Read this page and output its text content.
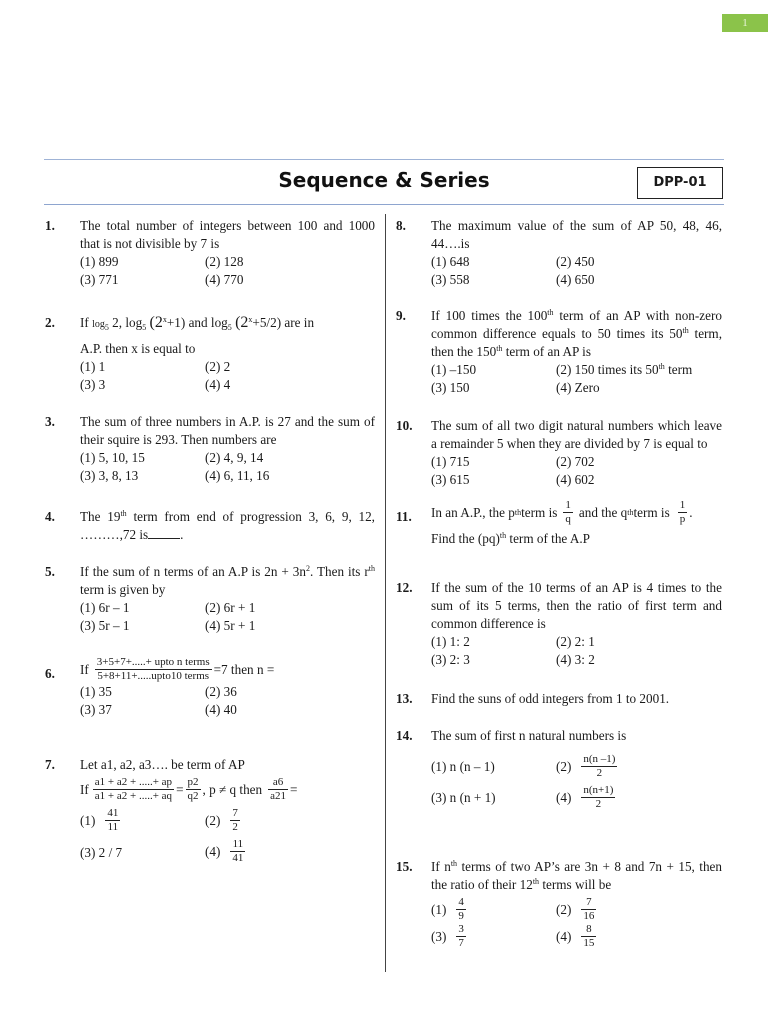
1
Sequence & Series	DPP-01
1. The total number of integers between 100 and 1000 that is not divisible by 7 is
(1) 899	(2) 128
(3) 771	(4) 770
2. If $\log_5 2$, $\log_5 (2^x+1)$ and $\log_5 (2^x+5/2)$ are in
A.P. then x is equal to
(1) 1	(2) 2
(3) 3	(4) 4
3. The sum of three numbers in A.P. is 27 and the sum of their squire is 293. Then numbers are
(1) 5, 10, 15	(2) 4, 9, 14
(3) 3, 8, 13	(4) 6, 11, 16
4. The 19th term from end of progression 3, 6, 9, 12, ………,72 is .
5. If the sum of n terms of an A.P is $2n + 3n^2$. Then its $r^{th}$ term is given by
(1) 6r – 1	(2) 6r + 1
(3) 5r – 1	(4) 5r + 1
6. If $\frac{\text{3+5+7+.....+ upto n terms}}{\text{5+8+11+.....upto10 terms}} =7$ then n =
(1) 35	(2) 36
(3) 37	(4) 40
7. Let a1, a2, a3…. be term of AP
If $\frac{a1 + a2 + .....+ ap}{a1 + a2 + .....+ aq} = \frac{p2}{q2}$ , p ≠ q then $\frac{a6}{a21}$ =
$(1) \frac{41}{11}$	$(2) \frac{7}{2}$
(3) 2 / 7	$(4) \frac{11}{41}$
8. The maximum value of the sum of AP 50, 48, 46, 44….is
(1) 648	(2) 450
(3) 558	(4) 650
9. If 100 times the 100th term of an AP with non-zero common difference equals to 50 times its 50th term, then the 150th term of an AP is
(1) –150	(2) 150 times its 50th term
(3) 150	(4) Zero
10. The sum of all two digit natural numbers which leave a remainder 5 when they are divided by 7 is equal to
(1) 715	(2) 702
(3) 615	(4) 602
11. In an A.P., the p th term is $\frac{1}{q}$ and the q th term is $\frac{1}{p}$ .
Find the (pq)$^{th}$ term of the A.P
12. If the sum of the 10 terms of an AP is 4 times to the sum of its 5 terms, then the ratio of first term and common difference is
(1) 1: 2	(2) 2: 1
(3) 2: 3	(4) 3: 2
13. Find the suns of odd integers from 1 to 2001.
14. The sum of first n natural numbers is
(1) n (n – 1)	$(2) \frac{n(n -1)}{2}$
(3) n (n + 1)	$(4) \frac{n(n+1)}{2}$
15. If $n^{th}$ terms of two AP’s are 3n + 8 and 7n + 15, then the ratio of their 12th terms will be
$(1) \frac{4}{9}$	$(2) \frac{7}{16}$
$(3) \frac{3}{7}$	$(4) \frac{8}{15}$
